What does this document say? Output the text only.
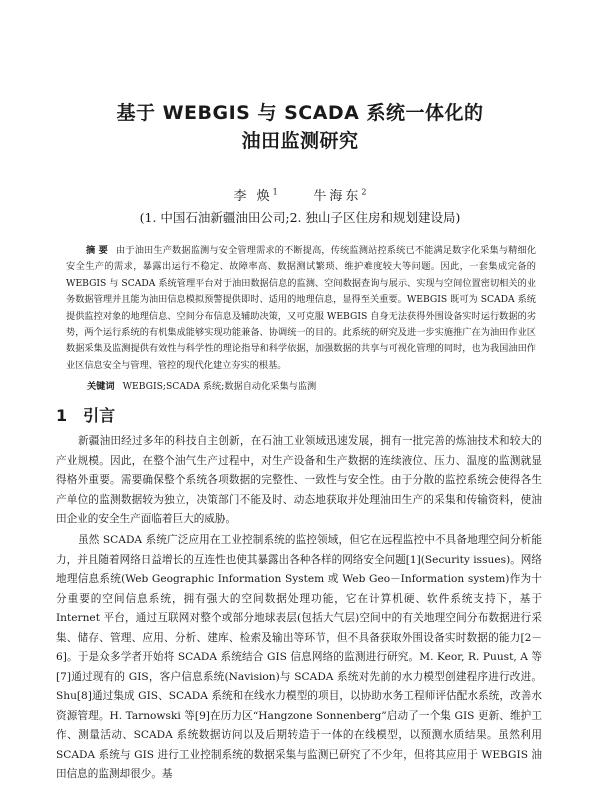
基于 WEBGIS 与 SCADA 系统一体化的
油田监测研究

李 焕$^1$	牛海东$^2$

(1. 中国石油新疆油田公司;2. 独山子区住房和规划建设局)

摘 要 由于油田生产数据监测与安全管理需求的不断提高，传统监测站控系统已不能满足数字化采集与精细化安全生产的需求，暴露出运行不稳定、故障率高、数据测试繁琐、维护难度较大等问题。因此，一套集成完备的 WEBGIS 与 SCADA 系统管理平台对于油田数据信息的监测、空间数据查询与展示、实现与空间位置密切相关的业务数据管理并且能为油田信息模拟预警提供即时、适用的地理信息，显得至关重要。WEBGIS 既可为 SCADA 系统提供监控对象的地理信息、空间分布信息及辅助决策，又可克服 WEBGIS 自身无法获得外围设备实时运行数据的劣势，两个运行系统的有机集成能够实现功能兼备、协调统一的目的。此系统的研究及进一步实施推广在为油田作业区数据采集及监测提供有效性与科学性的理论指导和科学依据，加强数据的共享与可视化管理的同时，也为我国油田作业区信息安全与管理、管控的现代化建立夯实的根基。

关键词 WEBGIS;SCADA 系统;数据自动化采集与监测

1 引言

新疆油田经过多年的科技自主创新，在石油工业领域迅速发展，拥有一批完善的炼油技术和较大的产业规模。因此，在整个油气生产过程中，对生产设备和生产数据的连续液位、压力、温度的监测就显得格外重要。需要确保整个系统各项数据的完整性、一致性与安全性。由于分散的监控系统会使得各生产单位的监测数据较为独立，决策部门不能及时、动态地获取并处理油田生产的采集和传输资料，使油田企业的安全生产面临着巨大的威胁。

虽然 SCADA 系统广泛应用在工业控制系统的监控领域，但它在远程监控中不具备地理空间分析能力，并且随着网络日益增长的互连性也使其暴露出各种各样的网络安全问题[1](Security issues)。网络地理信息系统(Web Geographic Information System 或 Web Geo－Information system)作为十分重要的空间信息系统，拥有强大的空间数据处理功能，它在计算机硬、软件系统支持下，基于 Internet 平台，通过互联网对整个或部分地球表层(包括大气层)空间中的有关地理空间分布数据进行采集、储存、管理、应用、分析、建库、检索及输出等环节，但不具备获取外围设备实时数据的能力[2－6]。于是众多学者开始将 SCADA 系统结合 GIS 信息网络的监测进行研究。M. Keor, R. Puust, A 等[7]通过现有的 GIS，客户信息系统(Navision)与 SCADA 系统对先前的水力模型创建程序进行改进。Shu[8]通过集成 GIS、SCADA 系统和在线水力模型的项目，以协助水务工程师评估配水系统，改善水资源管理。H. Tarnowski 等[9]在历力区“Hangzone Sonnenberg”启动了一个集 GIS 更新、维护工作、测量活动、SCADA 系统数据访问以及后期转造于一体的在线模型，以预测水质结果。虽然利用 SCADA 系统与 GIS 进行工业控制系统的数据采集与监测已研究了不少年，但将其应用于 WEBGIS 油田信息的监测却很少。基
